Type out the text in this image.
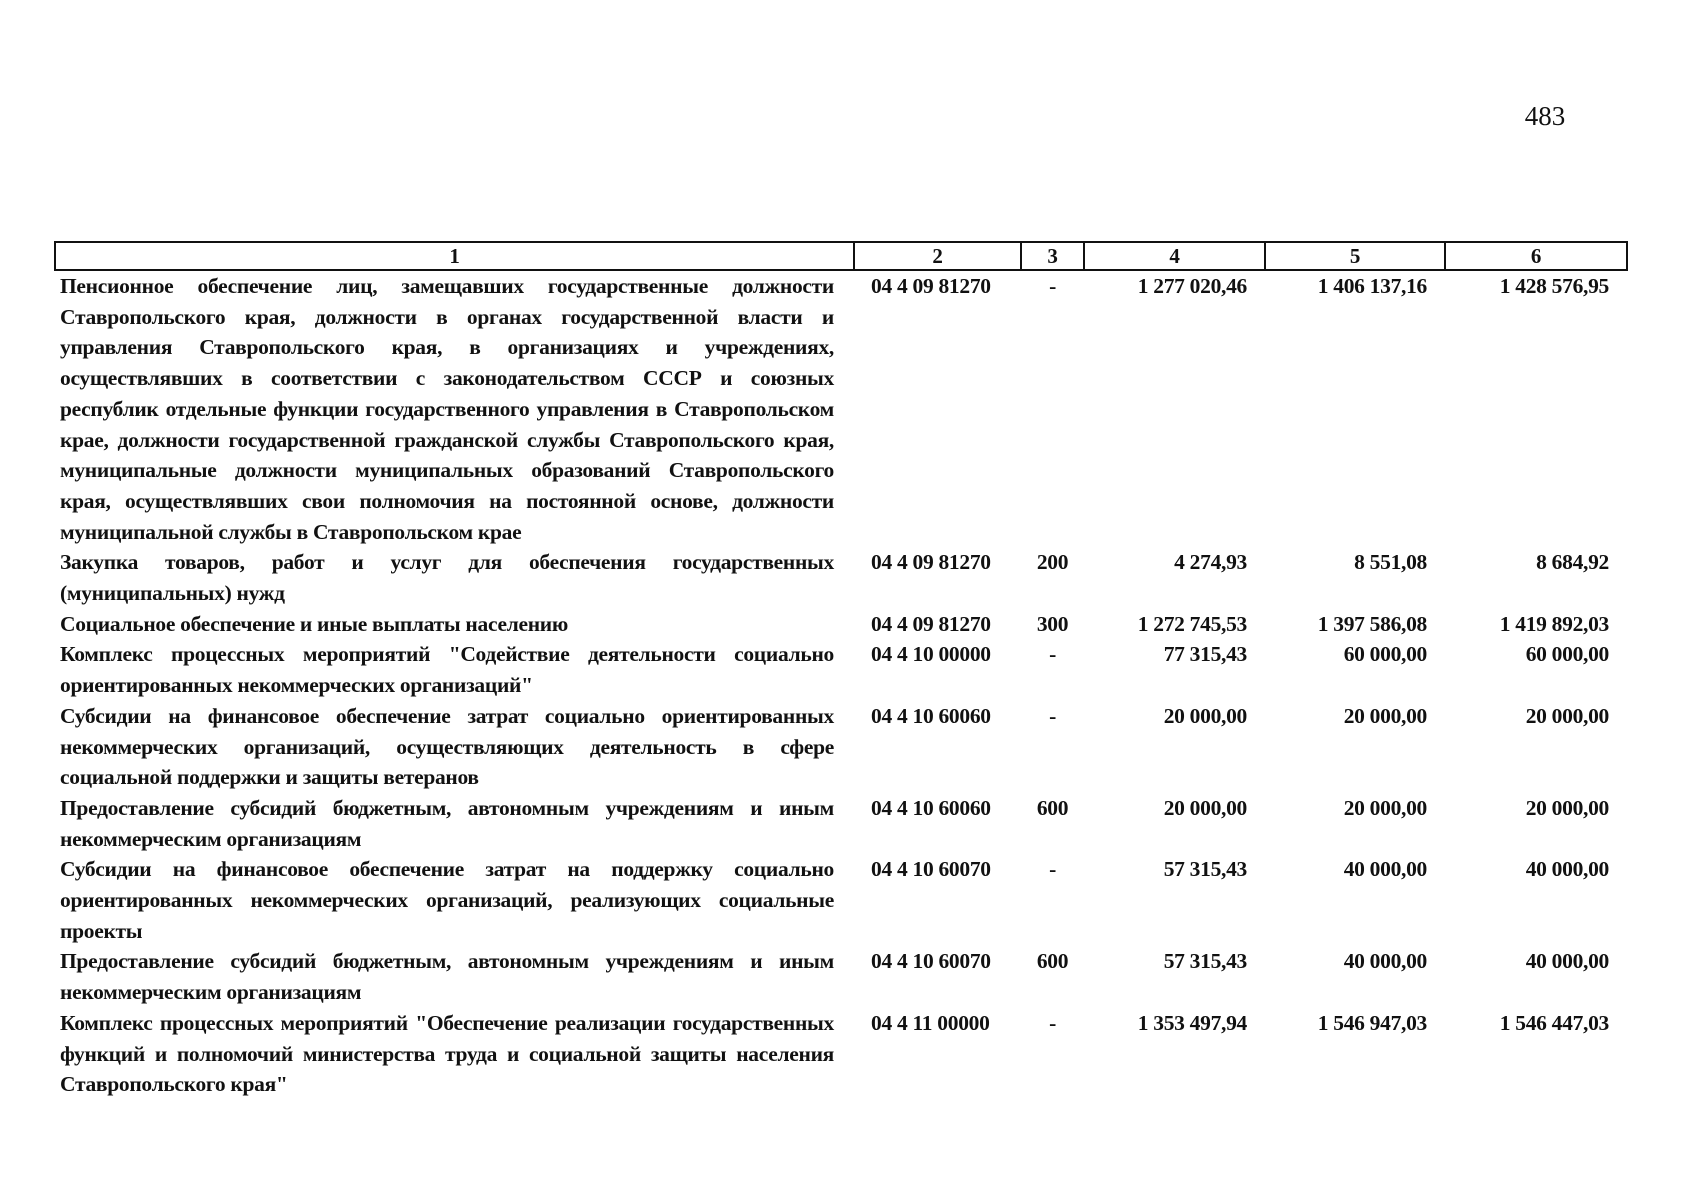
483
1	2	3	4	5	6
Пенсионное обеспечение лиц, замещавших государственные должности Ставропольского края, должности в органах государственной власти и управления Ставропольского края, в организациях и учреждениях, осуществлявших в соответствии с законодательством СССР и союзных республик отдельные функции государственного управления в Ставропольском крае, должности государственной гражданской службы Ставропольского края, муниципальные должности муниципальных образований Ставропольского края, осуществлявших свои полномочия на постоянной основе, должности муниципальной службы в Ставропольском крае	04 4 09 81270	-	1 277 020,46	1 406 137,16	1 428 576,95
Закупка товаров, работ и услуг для обеспечения государственных (муниципальных) нужд	04 4 09 81270	200	4 274,93	8 551,08	8 684,92
Социальное обеспечение и иные выплаты населению	04 4 09 81270	300	1 272 745,53	1 397 586,08	1 419 892,03
Комплекс процессных мероприятий "Содействие деятельности социально ориентированных некоммерческих организаций"	04 4 10 00000	-	77 315,43	60 000,00	60 000,00
Субсидии на финансовое обеспечение затрат социально ориентированных некоммерческих организаций, осуществляющих деятельность в сфере социальной поддержки и защиты ветеранов	04 4 10 60060	-	20 000,00	20 000,00	20 000,00
Предоставление субсидий бюджетным, автономным учреждениям и иным некоммерческим организациям	04 4 10 60060	600	20 000,00	20 000,00	20 000,00
Субсидии на финансовое обеспечение затрат на поддержку социально ориентированных некоммерческих организаций, реализующих социальные проекты	04 4 10 60070	-	57 315,43	40 000,00	40 000,00
Предоставление субсидий бюджетным, автономным учреждениям и иным некоммерческим организациям	04 4 10 60070	600	57 315,43	40 000,00	40 000,00
Комплекс процессных мероприятий "Обеспечение реализации государственных функций и полномочий министерства труда и социальной защиты населения Ставропольского края"	04 4 11 00000	-	1 353 497,94	1 546 947,03	1 546 447,03
